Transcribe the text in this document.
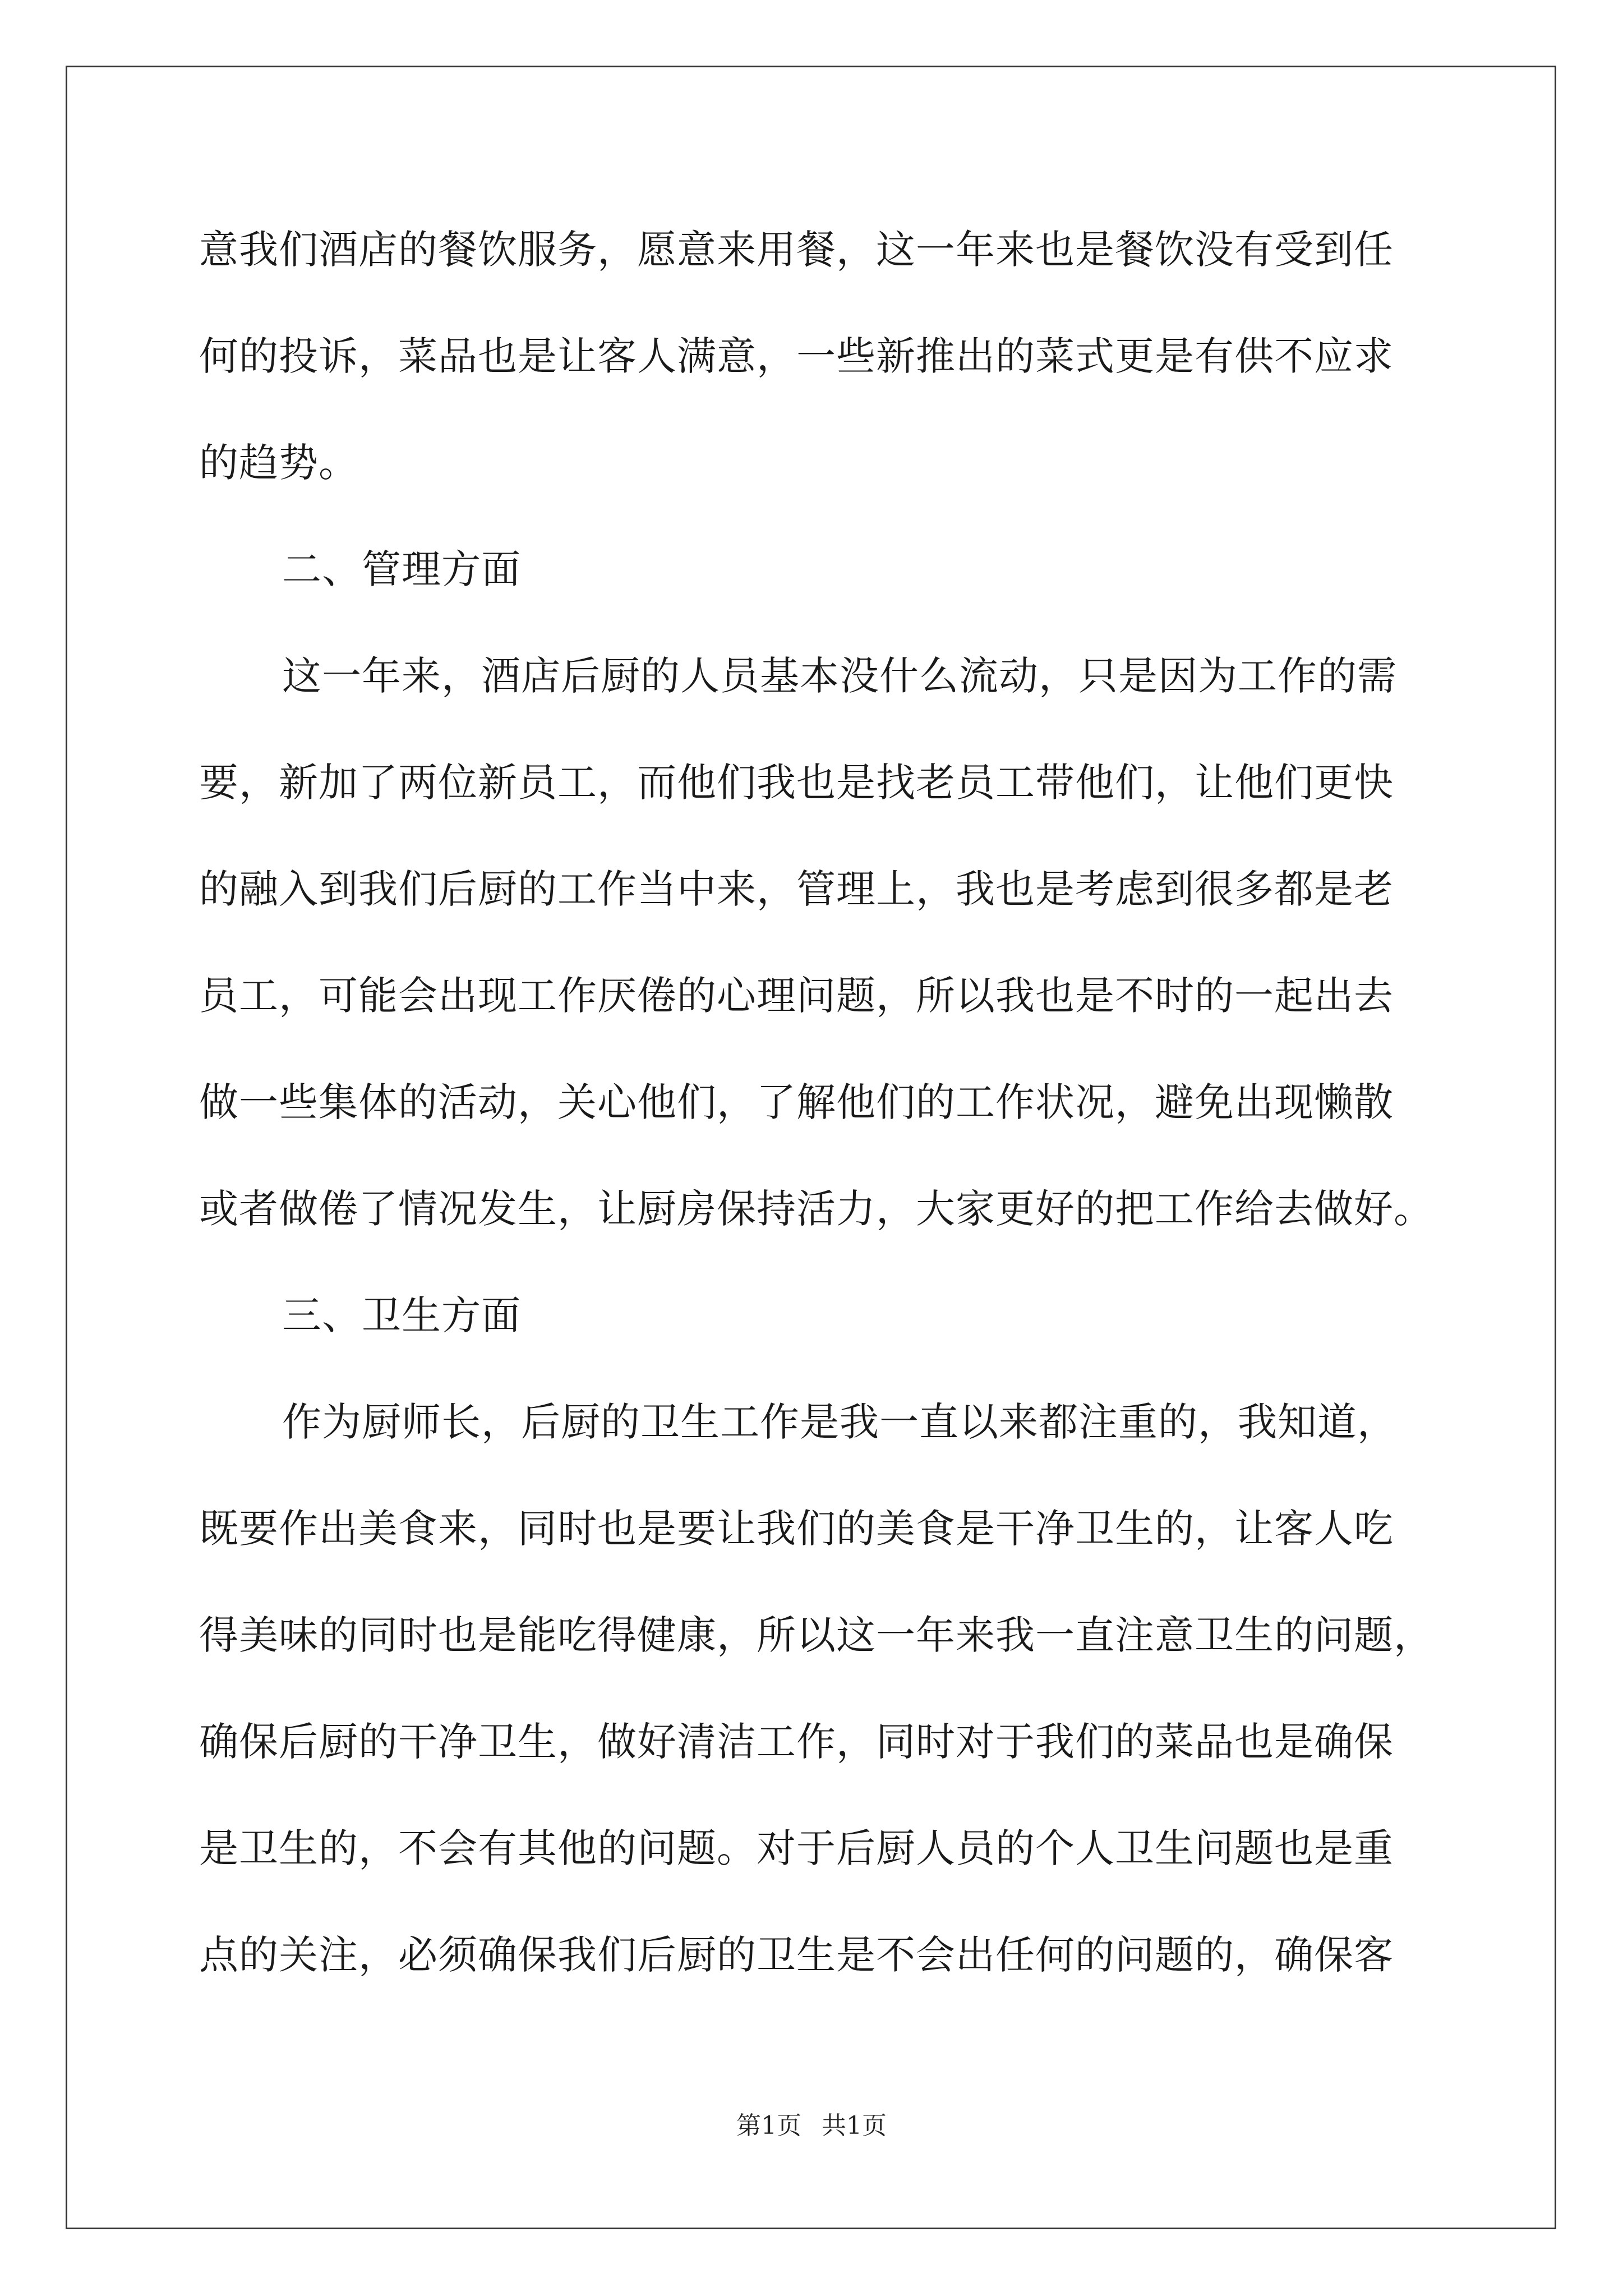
意我们酒店的餐饮服务，愿意来用餐，这一年来也是餐饮没有受到任
何的投诉，菜品也是让客人满意，一些新推出的菜式更是有供不应求
的趋势。
二、管理方面
这一年来，酒店后厨的人员基本没什么流动，只是因为工作的需
要，新加了两位新员工，而他们我也是找老员工带他们，让他们更快
的融入到我们后厨的工作当中来，管理上，我也是考虑到很多都是老
员工，可能会出现工作厌倦的心理问题，所以我也是不时的一起出去
做一些集体的活动，关心他们，了解他们的工作状况，避免出现懒散
或者做倦了情况发生，让厨房保持活力，大家更好的把工作给去做好。
三、卫生方面
作为厨师长，后厨的卫生工作是我一直以来都注重的，我知道，
既要作出美食来，同时也是要让我们的美食是干净卫生的，让客人吃
得美味的同时也是能吃得健康，所以这一年来我一直注意卫生的问题，
确保后厨的干净卫生，做好清洁工作，同时对于我们的菜品也是确保
是卫生的，不会有其他的问题。对于后厨人员的个人卫生问题也是重
点的关注，必须确保我们后厨的卫生是不会出任何的问题的，确保客
第1页 共1页
